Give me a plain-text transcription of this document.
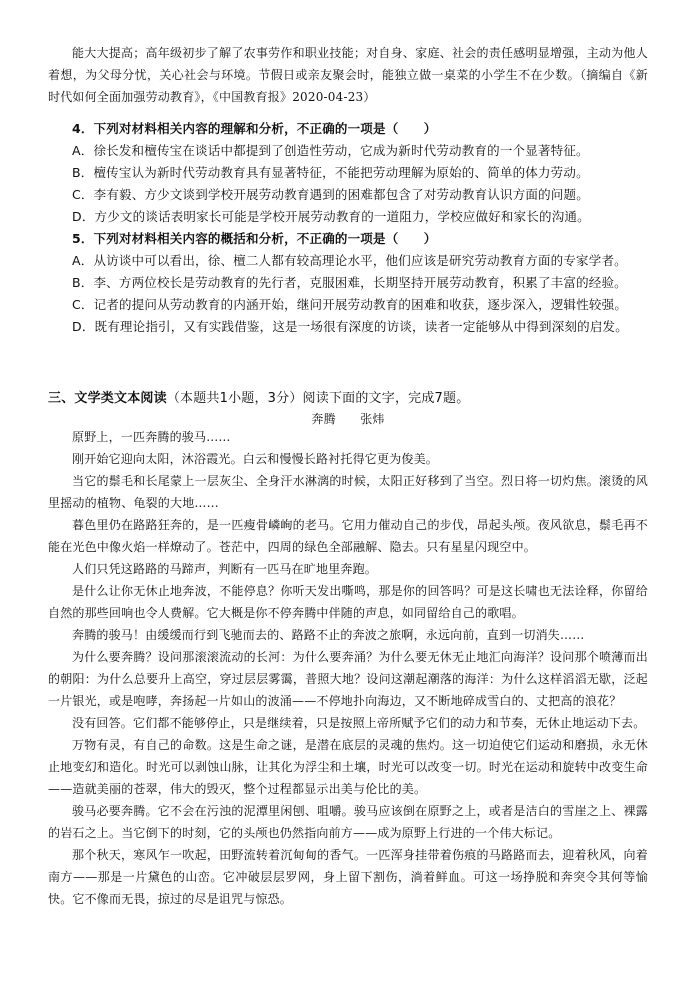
能大大提高；高年级初步了解了农事劳作和职业技能；对自身、家庭、社会的责任感明显增强，主动为他人着想，为父母分忧，关心社会与环境。节假日或亲友聚会时，能独立做一桌菜的小学生不在少数。（摘编自《新时代如何全面加强劳动教育》，《中国教育报》2020-04-23）

4．下列对材料相关内容的理解和分析，不正确的一项是（　　）

A．徐长发和檀传宝在谈话中都提到了创造性劳动，它成为新时代劳动教育的一个显著特征。

B．檀传宝认为新时代劳动教育具有显著特征，不能把劳动理解为原始的、简单的体力劳动。

C．李有毅、方少文谈到学校开展劳动教育遇到的困难都包含了对劳动教育认识方面的问题。

D．方少文的谈话表明家长可能是学校开展劳动教育的一道阻力，学校应做好和家长的沟通。

5．下列对材料相关内容的概括和分析，不正确的一项是（　　）

A．从访谈中可以看出，徐、檀二人都有较高理论水平，他们应该是研究劳动教育方面的专家学者。

B．李、方两位校长是劳动教育的先行者，克服困难，长期坚持开展劳动教育，积累了丰富的经验。

C．记者的提问从劳动教育的内涵开始，继问开展劳动教育的困难和收获，逐步深入，逻辑性较强。

D．既有理论指引，又有实践借鉴，这是一场很有深度的访谈，读者一定能够从中得到深刻的启发。

三、文学类文本阅读（本题共1小题，3分）阅读下面的文字，完成7题。
奔腾　　张炜

原野上，一匹奔腾的骏马……

刚开始它迎向太阳，沐浴霞光。白云和慢慢长路衬托得它更为俊美。

当它的鬃毛和长尾蒙上一层灰尘、全身汗水淋漓的时候，太阳正好移到了当空。烈日将一切灼焦。滚烫的风里摇动的植物、龟裂的大地……

暮色里仍在路路狂奔的，是一匹瘦骨嶙峋的老马。它用力催动自己的步伐，昂起头颅。夜风欲息，鬃毛再不能在光色中像火焰一样燎动了。苍茫中，四周的绿色全部融解、隐去。只有星星闪现空中。

人们只凭这路路的马蹄声，判断有一匹马在旷地里奔跑。

是什么让你无休止地奔波，不能停息？你听天发出嘶鸣，那是你的回答吗？可是这长啸也无法诠释，你留给自然的那些回响也令人费解。它大概是你不停奔腾中伴随的声息，如同留给自己的歌唱。

奔腾的骏马！由缓缓而行到飞驰而去的、路路不止的奔波之旅啊，永远向前，直到一切消失……

为什么要奔腾？设问那滚滚流动的长河：为什么要奔涌？为什么要无休无止地汇向海洋？设问那个喷薄而出的朝阳：为什么总要升上高空，穿过层层雾霭，普照大地？设问这潮起潮落的海洋：为什么这样滔滔无歇，泛起一片银光，或是咆哮，奔扬起一片如山的波涌——不停地扑向海边，又不断地碎成雪白的、丈把高的浪花？

没有回答。它们都不能够停止，只是继续着，只是按照上帝所赋予它们的动力和节奏，无休止地运动下去。

万物有灵，有自己的命数。这是生命之谜，是潜在底层的灵魂的焦灼。这一切迫使它们运动和磨损，永无休止地变幻和造化。时光可以剥蚀山脉，让其化为浮尘和土壤，时光可以改变一切。时光在运动和旋转中改变生命——造就美丽的苍翠，伟大的毁灭，整个过程都显示出美与伦比的美。

骏马必要奔腾。它不会在污浊的泥潭里闲刨、咀嚼。骏马应该倒在原野之上，或者是洁白的雪崖之上、裸露的岩石之上。当它倒下的时刻，它的头颅也仍然指向前方——成为原野上行进的一个伟大标记。

那个秋天，寒风乍一吹起，田野流转着沉甸甸的香气。一匹浑身挂带着伤痕的马路路而去，迎着秋风，向着南方——那是一片黛色的山峦。它冲破层层罗网，身上留下割伤，淌着鲜血。可这一场挣脱和奔突令其何等愉快。它不像而无畏，掠过的尽是诅咒与惊恐。
